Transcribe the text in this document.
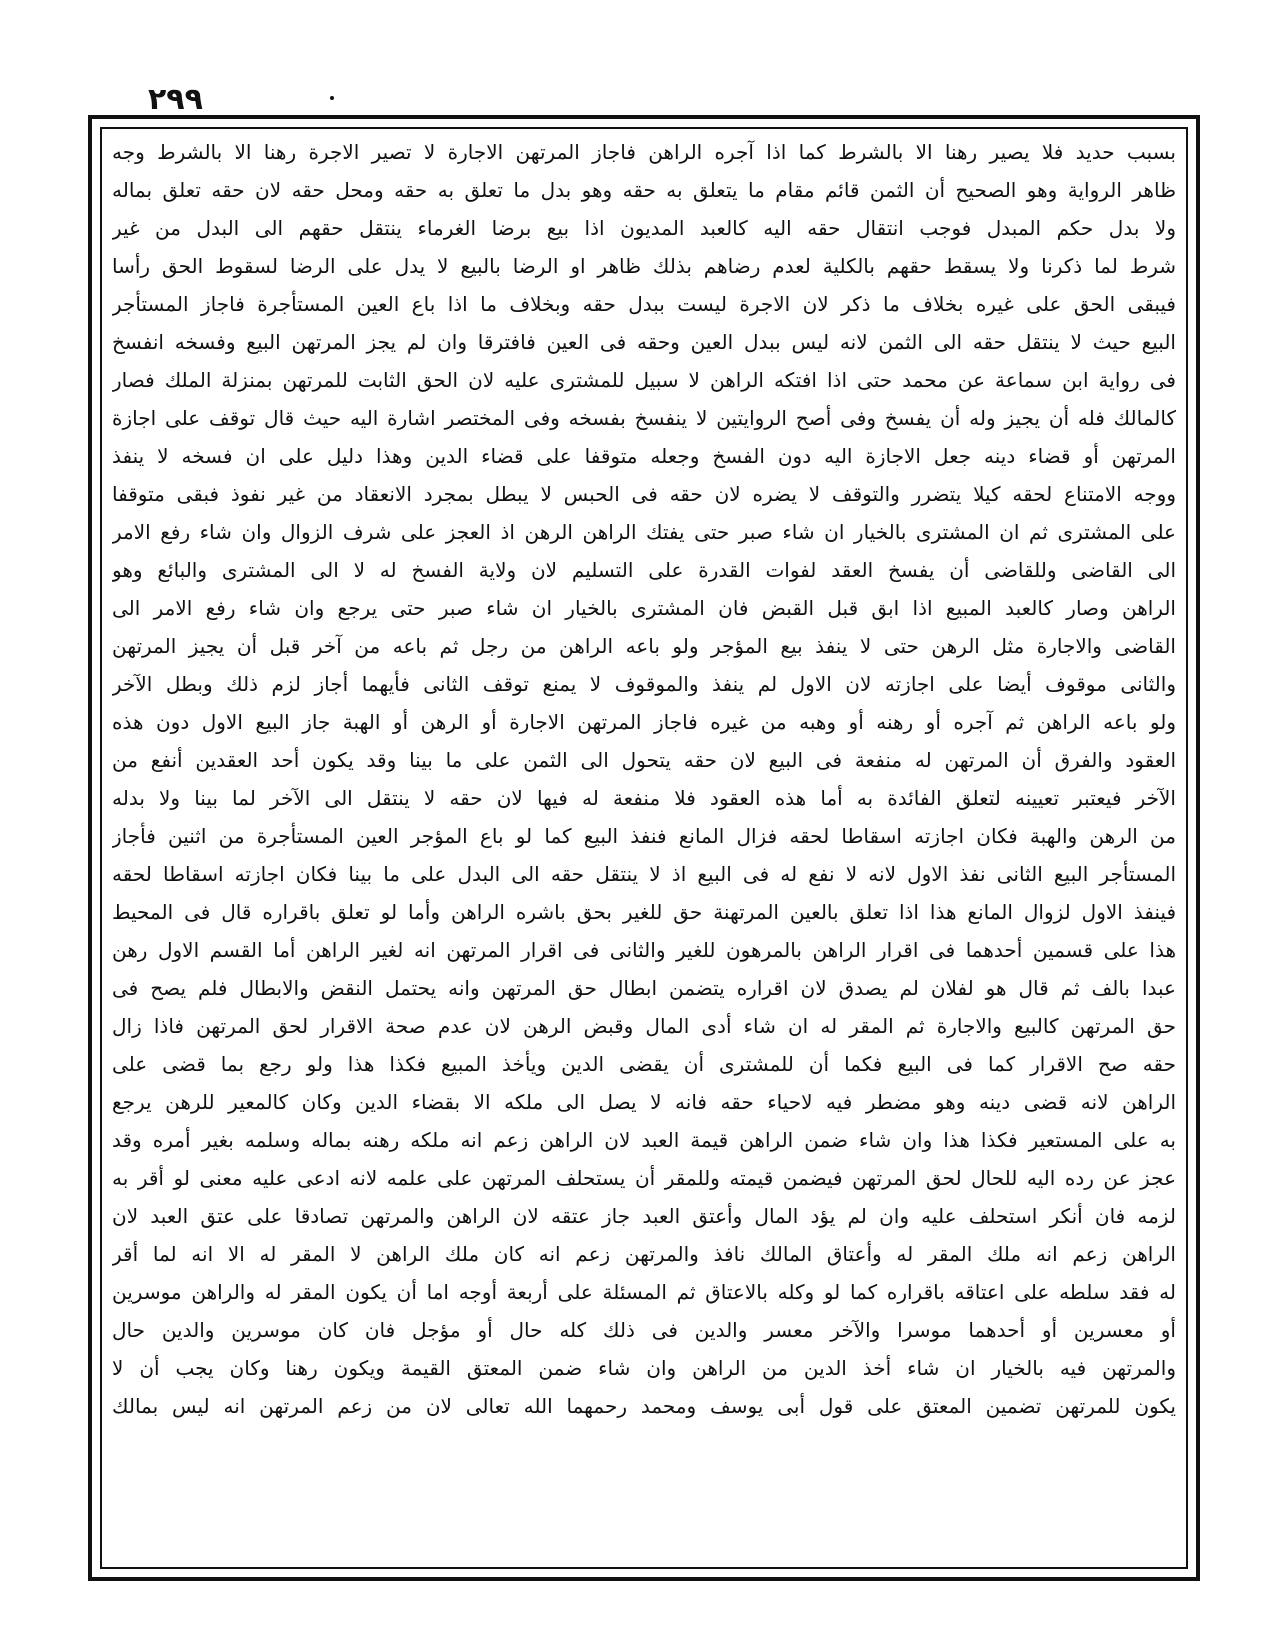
٢٩٩
بسبب حدید فلا یصیر رهنا الا بالشرط کما اذا آجره الراهن فاجاز المرتهن الاجارة لا تصیر الاجرة رهنا الا بالشرط وجه
ظاهر الروایة وهو الصحیح أن الثمن قائم مقام ما یتعلق به حقه وهو بدل ما تعلق به حقه ومحل حقه لان حقه تعلق بماله
ولا بدل حکم المبدل فوجب انتقال حقه الیه کالعبد المدیون اذا بیع برضا الغرماء ینتقل حقهم الی البدل من غیر
شرط لما ذکرنا ولا یسقط حقهم بالکلیة لعدم رضاهم بذلك ظاهر او الرضا بالبیع لا یدل علی الرضا لسقوط الحق رأسا
فیبقی الحق علی غیره بخلاف ما ذکر لان الاجرة لیست ببدل حقه وبخلاف ما اذا باع العین المستأجرة فاجاز المستأجر
البیع حیث لا ینتقل حقه الی الثمن لانه لیس ببدل العین وحقه فی العین فافترقا وان لم یجز المرتهن البیع وفسخه انفسخ
فی روایة ابن سماعة عن محمد حتی اذا افتکه الراهن لا سبیل للمشتری علیه لان الحق الثابت للمرتهن بمنزلة الملك فصار
کالمالك فله أن یجیز وله أن یفسخ وفی أصح الروایتین لا ینفسخ بفسخه وفی المختصر اشارة الیه حیث قال توقف علی اجازة
المرتهن أو قضاء دینه جعل الاجازة الیه دون الفسخ وجعله متوقفا علی قضاء الدین وهذا دلیل علی ان فسخه لا ینفذ
ووجه الامتناع لحقه کیلا یتضرر والتوقف لا یضره لان حقه فی الحبس لا یبطل بمجرد الانعقاد من غیر نفوذ فبقی متوقفا
علی المشتری ثم ان المشتری بالخیار ان شاء صبر حتی یفتك الراهن الرهن اذ العجز علی شرف الزوال وان شاء رفع الامر
الی القاضی وللقاضی أن یفسخ العقد لفوات القدرة علی التسلیم لان ولایة الفسخ له لا الی المشتری والبائع وهو
الراهن وصار کالعبد المبیع اذا ابق قبل القبض فان المشتری بالخیار ان شاء صبر حتی یرجع وان شاء رفع الامر الی
القاضی والاجارة مثل الرهن حتی لا ینفذ بیع المؤجر ولو باعه الراهن من رجل ثم باعه من آخر قبل أن یجیز المرتهن
والثانی موقوف أیضا علی اجازته لان الاول لم ینفذ والموقوف لا یمنع توقف الثانی فأیهما أجاز لزم ذلك وبطل الآخر
ولو باعه الراهن ثم آجره أو رهنه أو وهبه من غیره فاجاز المرتهن الاجارة أو الرهن أو الهبة جاز البیع الاول دون هذه
العقود والفرق أن المرتهن له منفعة فی البیع لان حقه یتحول الی الثمن علی ما بینا وقد یکون أحد العقدین أنفع من
الآخر فیعتبر تعیینه لتعلق الفائدة به أما هذه العقود فلا منفعة له فیها لان حقه لا ینتقل الی الآخر لما بینا ولا بدله
من الرهن والهبة فکان اجازته اسقاطا لحقه فزال المانع فنفذ البیع کما لو باع المؤجر العین المستأجرة من اثنین فأجاز
المستأجر البیع الثانی نفذ الاول لانه لا نفع له فی البیع اذ لا ینتقل حقه الی البدل علی ما بینا فکان اجازته اسقاطا لحقه
فینفذ الاول لزوال المانع هذا اذا تعلق بالعین المرتهنة حق للغیر بحق باشره الراهن وأما لو تعلق باقراره قال فی المحیط
هذا علی قسمین أحدهما فی اقرار الراهن بالمرهون للغیر والثانی فی اقرار المرتهن انه لغیر الراهن أما القسم الاول رهن
عبدا بالف ثم قال هو لفلان لم یصدق لان اقراره یتضمن ابطال حق المرتهن وانه یحتمل النقض والابطال فلم یصح فی
حق المرتهن کالبیع والاجارة ثم المقر له ان شاء أدی المال وقبض الرهن لان عدم صحة الاقرار لحق المرتهن فاذا زال
حقه صح الاقرار کما فی البیع فکما أن للمشتری أن یقضی الدین ویأخذ المبیع فکذا هذا ولو رجع بما قضی علی
الراهن لانه قضی دینه وهو مضطر فیه لاحیاء حقه فانه لا یصل الی ملکه الا بقضاء الدین وکان کالمعیر للرهن یرجع
به علی المستعیر فکذا هذا وان شاء ضمن الراهن قیمة العبد لان الراهن زعم انه ملکه رهنه بماله وسلمه بغیر أمره وقد
عجز عن رده الیه للحال لحق المرتهن فیضمن قیمته وللمقر أن یستحلف المرتهن علی علمه لانه ادعی علیه معنی لو أقر به
لزمه فان أنکر استحلف علیه وان لم یؤد المال وأعتق العبد جاز عتقه لان الراهن والمرتهن تصادقا علی عتق العبد لان
الراهن زعم انه ملك المقر له وأعتاق المالك نافذ والمرتهن زعم انه کان ملك الراهن لا المقر له الا انه لما أقر
له فقد سلطه علی اعتاقه باقراره کما لو وکله بالاعتاق ثم المسئلة علی أربعة أوجه اما أن یکون المقر له والراهن موسرین
أو معسرین أو أحدهما موسرا والآخر معسر والدین فی ذلك کله حال أو مؤجل فان کان موسرین والدین حال
والمرتهن فیه بالخیار ان شاء أخذ الدین من الراهن وان شاء ضمن المعتق القیمة ویکون رهنا وکان یجب أن لا
یکون للمرتهن تضمین المعتق علی قول أبی یوسف ومحمد رحمهما الله تعالی لان من زعم المرتهن انه لیس بمالك
